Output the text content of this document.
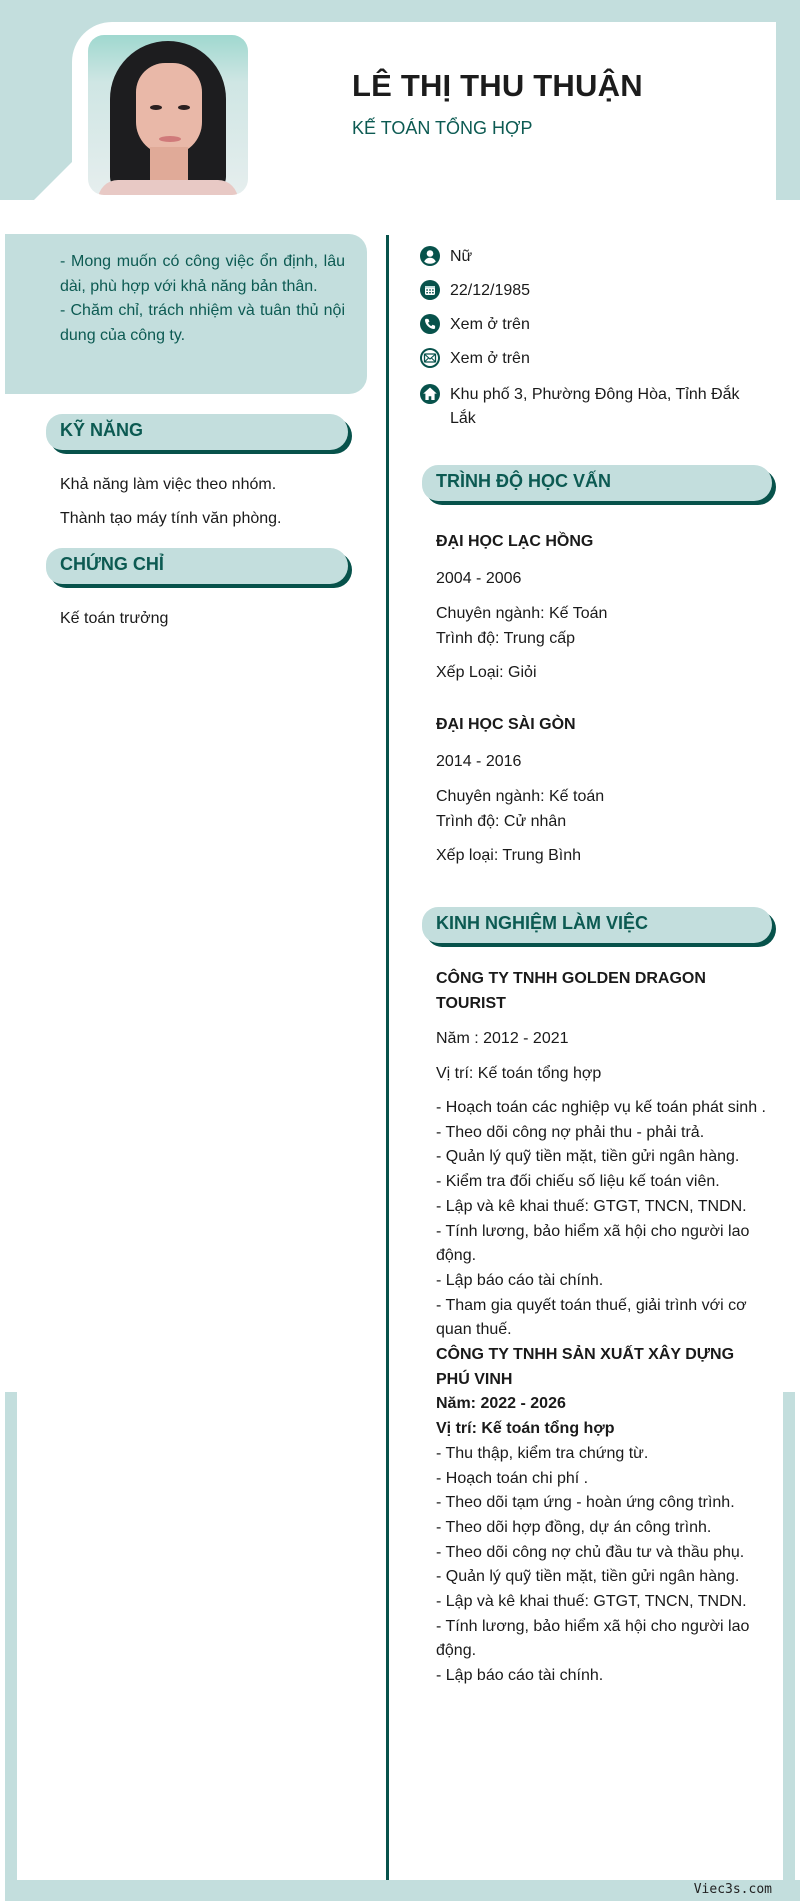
LÊ THỊ THU THUẬN
KẾ TOÁN TỔNG HỢP

- Mong muốn có công việc ổn định, lâu dài, phù hợp với khả năng bản thân.

- Chăm chỉ, trách nhiệm và tuân thủ nội dung của công ty.

KỸ NĂNG
Khả năng làm việc theo nhóm.
Thành tạo máy tính văn phòng.
CHỨNG CHỈ
Kế toán trưởng
Nữ
22/12/1985
Xem ở trên
Xem ở trên
Khu phố 3, Phường Đông Hòa, Tỉnh Đắk Lắk
TRÌNH ĐỘ HỌC VẤN
ĐẠI HỌC LẠC HỒNG
2004 - 2006
Chuyên ngành: Kế Toán
Trình độ: Trung cấp
Xếp Loại: Giỏi
ĐẠI HỌC SÀI GÒN
2014 - 2016
Chuyên ngành: Kế toán
Trình độ: Cử nhân
Xếp loại: Trung Bình
KINH NGHIỆM LÀM VIỆC
CÔNG TY TNHH GOLDEN DRAGON TOURIST
Năm : 2012 - 2021
Vị trí: Kế toán tổng hợp
- Hoạch toán các nghiệp vụ kế toán phát sinh .
- Theo dõi công nợ phải thu - phải trả.
- Quản lý quỹ tiền mặt, tiền gửi ngân hàng.
- Kiểm tra đối chiếu số liệu kế toán viên.
- Lập và kê khai thuế: GTGT, TNCN, TNDN.
- Tính lương, bảo hiểm xã hội cho người lao động.
- Lập báo cáo tài chính.
- Tham gia quyết toán thuế, giải trình với cơ quan thuế.
CÔNG TY TNHH SẢN XUẤT XÂY DỰNG PHÚ VINH
Năm: 2022 - 2026
Vị trí: Kế toán tổng hợp
- Thu thập, kiểm tra chứng từ.
- Hoạch toán chi phí .
- Theo dõi tạm ứng - hoàn ứng công trình.
- Theo dõi hợp đồng, dự án công trình.
- Theo dõi công nợ chủ đầu tư và thầu phụ.
- Quản lý quỹ tiền mặt, tiền gửi ngân hàng.
- Lập và kê khai thuế: GTGT, TNCN, TNDN.
- Tính lương, bảo hiểm xã hội cho người lao động.
- Lập báo cáo tài chính.
Viec3s.com
